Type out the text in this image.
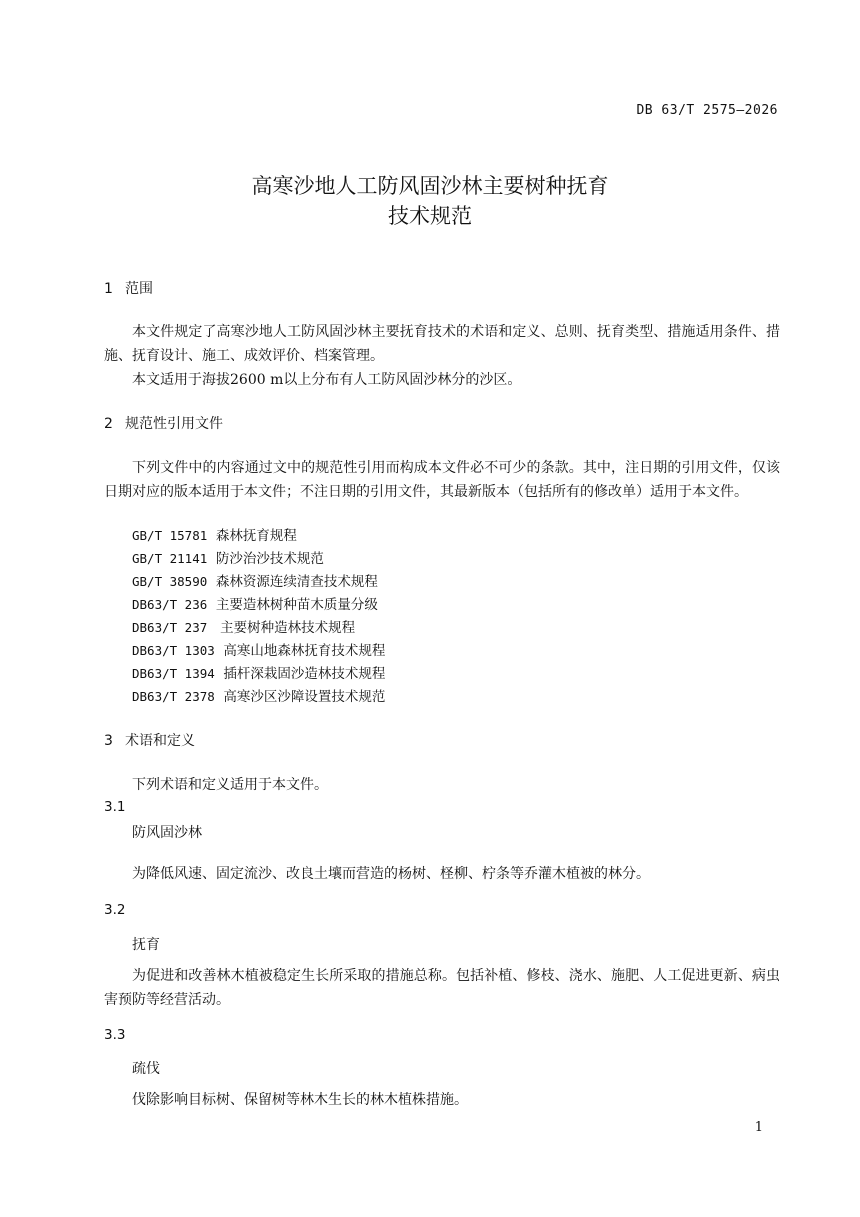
DB 63/T 2575—2026
高寒沙地人工防风固沙林主要树种抚育
技术规范
1 范围
本文件规定了高寒沙地人工防风固沙林主要抚育技术的术语和定义、总则、抚育类型、措施适用条件、措施、抚育设计、施工、成效评价、档案管理。
本文适用于海拔2600 m以上分布有人工防风固沙林分的沙区。
2 规范性引用文件
下列文件中的内容通过文中的规范性引用而构成本文件必不可少的条款。其中，注日期的引用文件，仅该日期对应的版本适用于本文件；不注日期的引用文件，其最新版本（包括所有的修改单）适用于本文件。
GB/T 15781 森林抚育规程
GB/T 21141 防沙治沙技术规范
GB/T 38590 森林资源连续清查技术规程
DB63/T 236 主要造林树种苗木质量分级
DB63/T 237 主要树种造林技术规程
DB63/T 1303 高寒山地森林抚育技术规程
DB63/T 1394 插杆深栽固沙造林技术规程
DB63/T 2378 高寒沙区沙障设置技术规范
3 术语和定义
下列术语和定义适用于本文件。
3.1
防风固沙林
为降低风速、固定流沙、改良土壤而营造的杨树、柽柳、柠条等乔灌木植被的林分。
3.2
抚育
为促进和改善林木植被稳定生长所采取的措施总称。包括补植、修枝、浇水、施肥、人工促进更新、病虫害预防等经营活动。
3.3
疏伐
伐除影响目标树、保留树等林木生长的林木植株措施。
1
